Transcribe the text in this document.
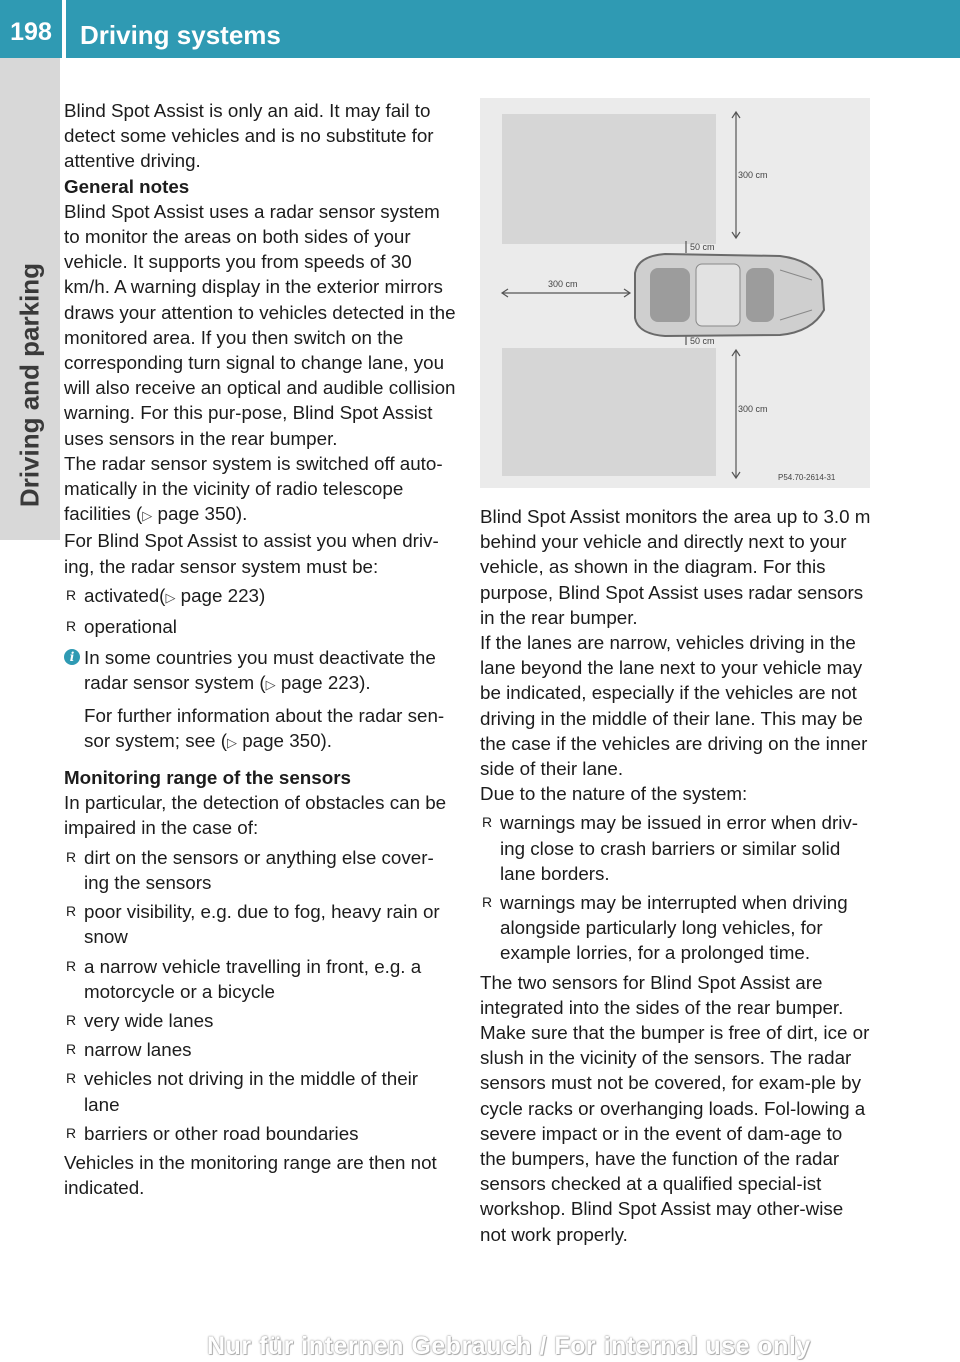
198	Driving systems
Driving and parking

Blind Spot Assist is only an aid. It may fail to detect some vehicles and is no substitute for attentive driving.

General notes

Blind Spot Assist uses a radar sensor system to monitor the areas on both sides of your vehicle. It supports you from speeds of 30 km/h. A warning display in the exterior mirrors draws your attention to vehicles detected in the monitored area. If you then switch on the corresponding turn signal to change lane, you will also receive an optical and audible collision warning. For this pur-pose, Blind Spot Assist uses sensors in the rear bumper.

The radar sensor system is switched off auto-matically in the vicinity of radio telescope facilities (▷ page 350).

For Blind Spot Assist to assist you when driv-ing, the radar sensor system must be:

R activated(▷ page 223)
R operational
i In some countries you must deactivate the radar sensor system (▷ page 223).

For further information about the radar sen-sor system; see (▷ page 350).

Monitoring range of the sensors

In particular, the detection of obstacles can be impaired in the case of:

R dirt on the sensors or anything else cover-ing the sensors
R poor visibility, e.g. due to fog, heavy rain or snow
R a narrow vehicle travelling in front, e.g. a motorcycle or a bicycle
R very wide lanes
R narrow lanes
R vehicles not driving in the middle of their lane
R barriers or other road boundaries

Vehicles in the monitoring range are then not indicated.

300 cm
50 cm
300 cm
50 cm
300 cm
P54.70-2614-31

Blind Spot Assist monitors the area up to 3.0 m behind your vehicle and directly next to your vehicle, as shown in the diagram. For this purpose, Blind Spot Assist uses radar sensors in the rear bumper.

If the lanes are narrow, vehicles driving in the lane beyond the lane next to your vehicle may be indicated, especially if the vehicles are not driving in the middle of their lane. This may be the case if the vehicles are driving on the inner side of their lane.

Due to the nature of the system:

R warnings may be issued in error when driv-ing close to crash barriers or similar solid lane borders.
R warnings may be interrupted when driving alongside particularly long vehicles, for example lorries, for a prolonged time.

The two sensors for Blind Spot Assist are integrated into the sides of the rear bumper. Make sure that the bumper is free of dirt, ice or slush in the vicinity of the sensors. The radar sensors must not be covered, for exam-ple by cycle racks or overhanging loads. Fol-lowing a severe impact or in the event of dam-age to the bumpers, have the function of the radar sensors checked at a qualified special-ist workshop. Blind Spot Assist may other-wise not work properly.

Nur für internen Gebrauch / For internal use only
